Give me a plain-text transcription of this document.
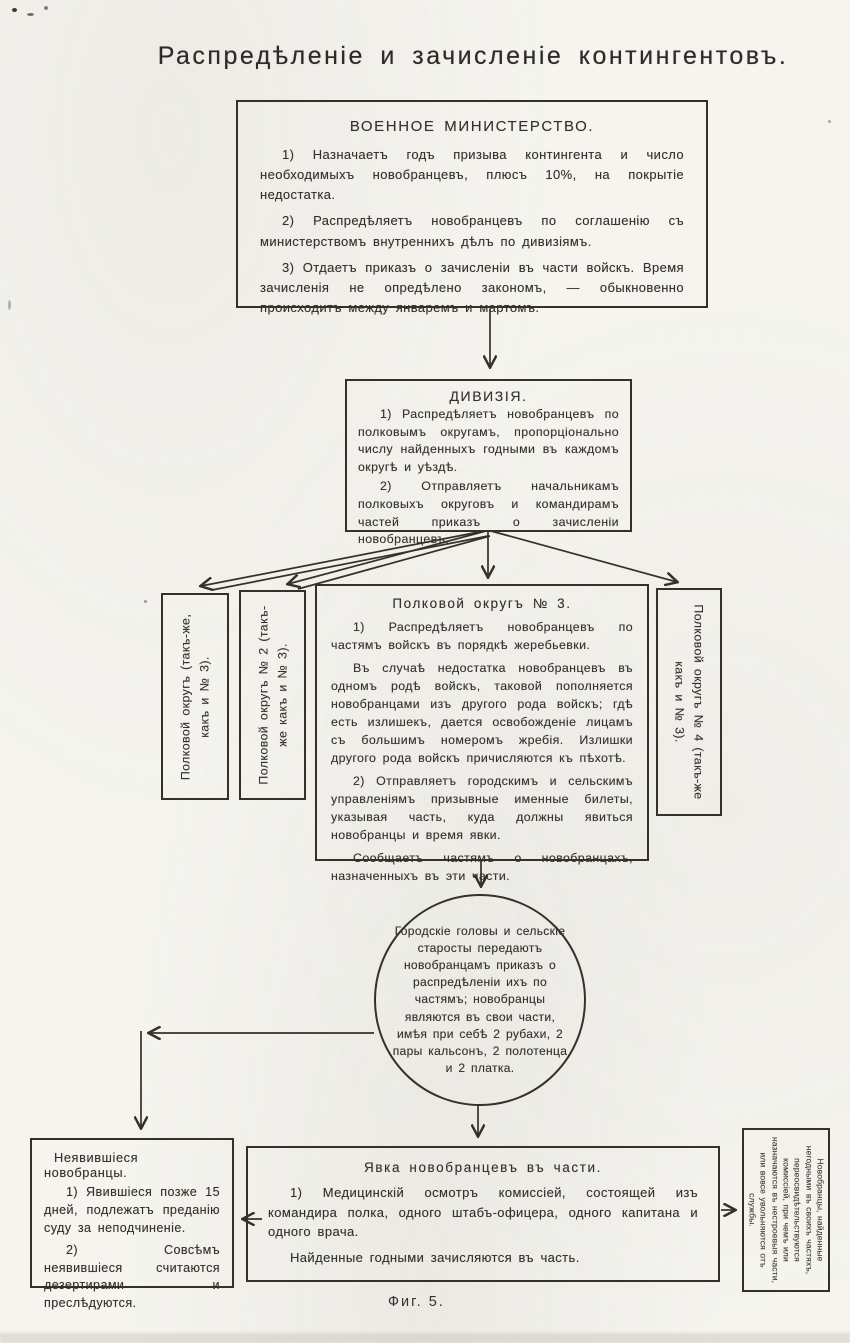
Распредѣленіе и зачисленіе контингентовъ.
ВОЕННОЕ МИНИСТЕРСТВО.

1) Назначаетъ годъ призыва контингента и число необходимыхъ новобранцевъ, плюсъ 10%, на покрытіе недостатка.

2) Распредѣляетъ новобранцевъ по соглашенію съ министерствомъ внутреннихъ дѣлъ по дивизіямъ.

3) Отдаетъ приказъ о зачисленіи въ части войскъ. Время зачисленія не опредѣлено закономъ, — обыкновенно происходитъ между январемъ и мартомъ.

ДИВИЗІЯ.

1) Распредѣляетъ новобранцевъ по полковымъ округамъ, пропорціонально числу найденныхъ годными въ каждомъ округѣ и уѣздѣ.

2) Отправляетъ начальникамъ полковыхъ округовъ и командирамъ частей приказъ о зачисленіи новобранцевъ.

Полковой округъ (такъ-же, какъ и № 3).	Полковой округъ № 2 (такъ-же какъ и № 3).
Полковой округъ № 3.

1) Распредѣляетъ новобранцевъ по частямъ войскъ въ порядкѣ жеребьевки.

Въ случаѣ недостатка новобранцевъ въ одномъ родѣ войскъ, таковой пополняется новобранцами изъ другого рода войскъ; гдѣ есть излишекъ, дается освобожденіе лицамъ съ большимъ номеромъ жребія. Излишки другого рода войскъ причисляются къ пѣхотѣ.

2) Отправляетъ городскимъ и сельскимъ управленіямъ призывные именные билеты, указывая часть, куда должны явиться новобранцы и время явки.

Сообщаетъ частямъ о новобранцахъ, назначенныхъ въ эти части.

Полковой округъ № 4 (такъ-же какъ и № 3).
Городскіе головы и сельскіе старосты передаютъ новобранцамъ приказъ о распредѣленіи ихъ по частямъ; новобранцы являются въ свои части, имѣя при себѣ 2 рубахи, 2 пары кальсонъ, 2 полотенца и 2 платка.
Неявившіеся новобранцы.

1) Явившіеся позже 15 дней, подлежатъ преданію суду за неподчиненіе.

2) Совсѣмъ неявившіеся считаются дезертирами и преслѣдуются.

Явка новобранцевъ въ части.

1) Медицинскій осмотръ комиссіей, состоящей изъ командира полка, одного штабъ-офицера, одного капитана и одного врача.

Найденные годными зачисляются въ часть.	Новобранцы, найденные негодными въ своихъ частяхъ, переосвидѣтельствуются комиссіей, при чемъ или назначаются въ нестроевыя части, или вовсе увольняются отъ службы.
Фиг. 5.
